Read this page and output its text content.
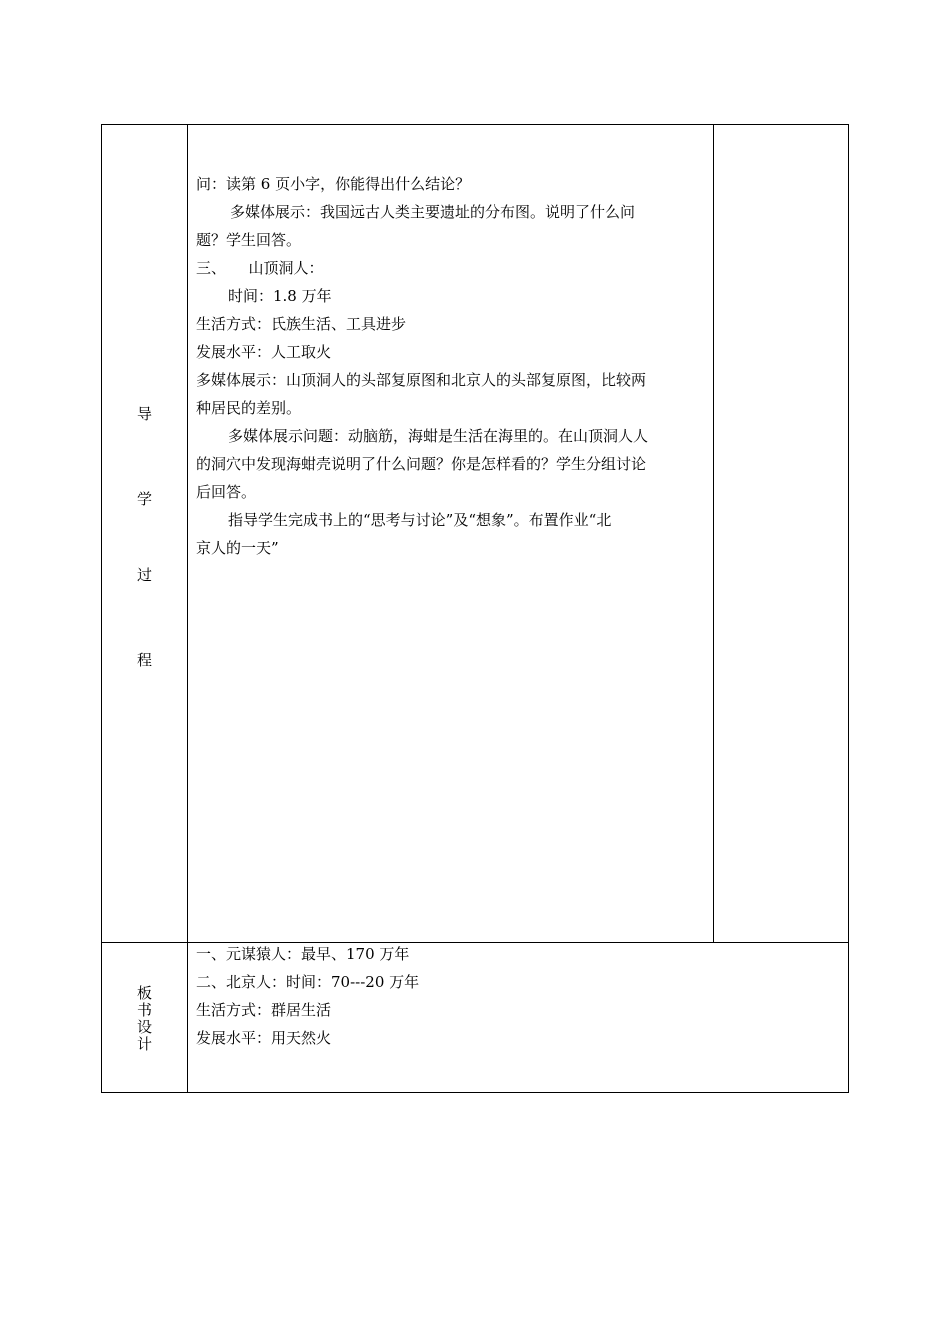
导
学
过
程

问：读第 6 页小字，你能得出什么结论？

多媒体展示：我国远古人类主要遗址的分布图。说明了什么问

题？学生回答。

三、　　山顶洞人：

时间：1.8 万年

生活方式：氏族生活、工具进步

发展水平：人工取火

多媒体展示：山顶洞人的头部复原图和北京人的头部复原图，比较两

种居民的差别。

多媒体展示问题：动脑筋，海蚶是生活在海里的。在山顶洞人人

的洞穴中发现海蚶壳说明了什么问题？你是怎样看的？学生分组讨论

后回答。

指导学生完成书上的“思考与讨论”及“想象”。布置作业“北

京人的一天”

板
书
设
计

一、元谋猿人：最早、170 万年

二、北京人：时间：70---20 万年

生活方式：群居生活

发展水平：用天然火
